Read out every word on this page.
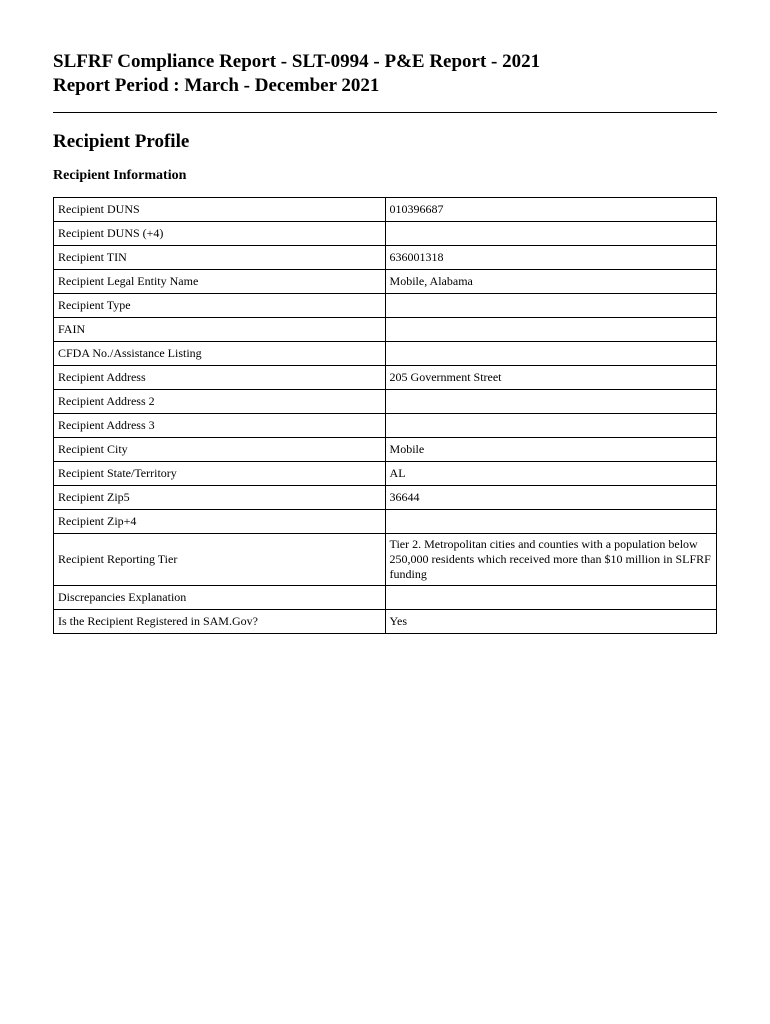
SLFRF Compliance Report - SLT-0994 - P&E Report - 2021
Report Period : March - December 2021
Recipient Profile
Recipient Information
Recipient DUNS	010396687
Recipient DUNS (+4)	
Recipient TIN	636001318
Recipient Legal Entity Name	Mobile, Alabama
Recipient Type	
FAIN	
CFDA No./Assistance Listing	
Recipient Address	205 Government Street
Recipient Address 2	
Recipient Address 3	
Recipient City	Mobile
Recipient State/Territory	AL
Recipient Zip5	36644
Recipient Zip+4	
Recipient Reporting Tier	Tier 2. Metropolitan cities and counties with a population below 250,000 residents which received more than $10 million in SLFRF funding
Discrepancies Explanation	
Is the Recipient Registered in SAM.Gov?	Yes
